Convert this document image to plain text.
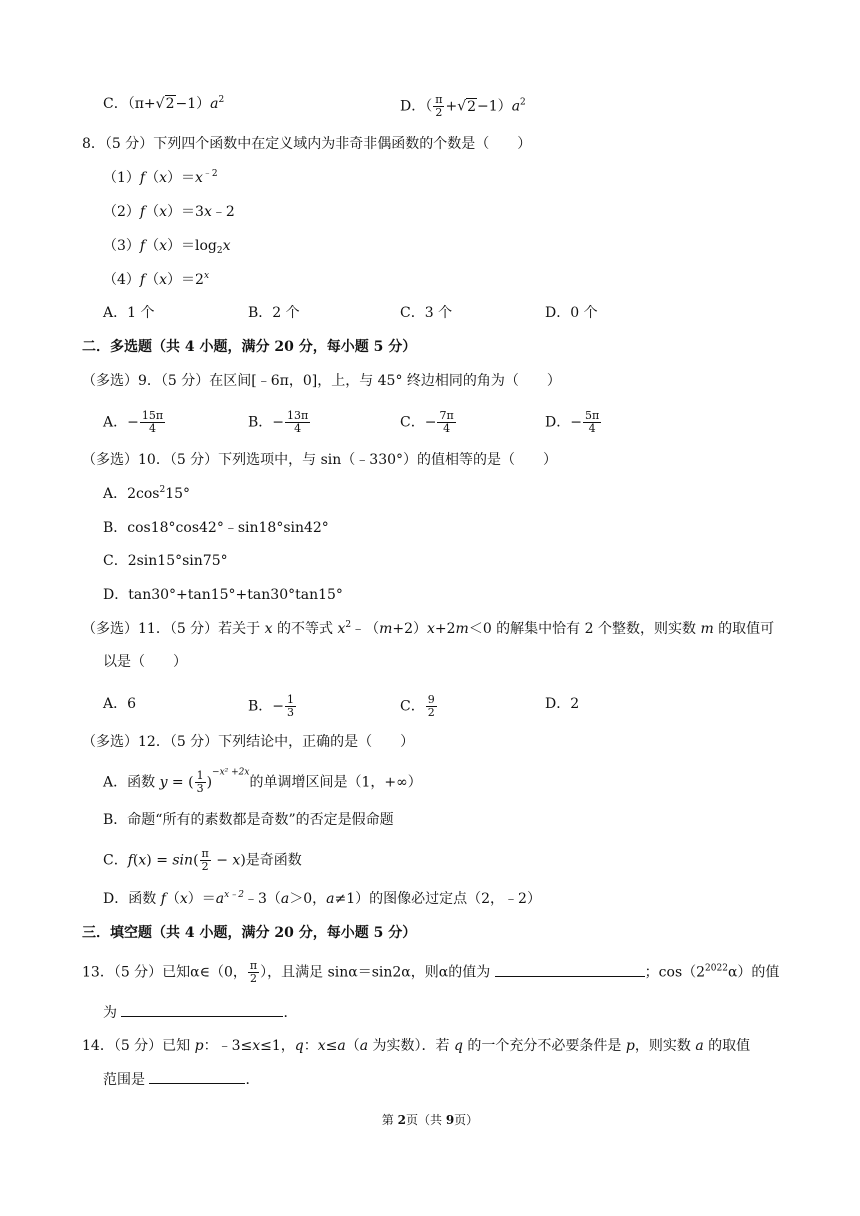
C．$(\pi+√2-1)a^2$	D．（ $\frac{\pi}{2} +√2-1)a^2$
8．（5 分）下列四个函数中在定义域内为非奇非偶函数的个数是（　　）
$(1)f(x)=x^{﹣2}$
（2）f（x）＝3x﹣2
$(3)f(x)=\log_2x$
$(4)f(x)=2^x$
A．1 个	B．2 个	C．3 个	D．0 个
二．多选题（共 4 小题，满分 20 分，每小题 5 分）
（多选）9．（5 分）在区间[﹣6π，0]，上，与 45° 终边相同的角为（　　）
A．− $\frac{15\pi}{4}$	B．− $\frac{13\pi}{4}$	C．− $\frac{7\pi}{4}$	D．− $\frac{5\pi}{4}$
（多选）10．（5 分）下列选项中，与 sin（﹣330°）的值相等的是（　　）
A．$2\cos^215^\circ$
B．cos18°cos42°﹣sin18°sin42°
C．2sin15°sin75°
D．tan30°+tan15°+tan30°tan15°
（多选）11．（5 分）若关于 x 的不等式 $x^2﹣(m+2)x+2m<0$ 的解集中恰有 2 个整数，则实数 m 的取值可
以是（　　）
A．6	B．− $\frac{1}{3}$	C． $\frac{9}{2}$	D．2
（多选）12．（5 分）下列结论中，正确的是（　　）
A．函数 y = ( $\frac{1}{3} )^{-x^2 +2x}$的单调增区间是（1，+∞）
B．命题“所有的素数都是奇数”的否定是假命题
C．$f(x) = \sin( \frac{\pi}{2} - x)$是奇函数
D．函数 $f(x)=a^{x﹣2}﹣3(a>0$，a≠1）的图像必过定点（2，﹣2）
三．填空题（共 4 小题，满分 20 分，每小题 5 分）
13．（5 分）已知α∈（0， $\frac{\pi}{2}$ ），且满足 sinα＝sin2α，则α的值为	；$\cos(2^{2022}\alpha)$的值
为	．
14．（5 分）已知 p：﹣3≤x≤1，q：x≤a（a 为实数）．若 q 的一个充分不必要条件是 p，则实数 a 的取值
范围是	．
第 2页（共 9页）
